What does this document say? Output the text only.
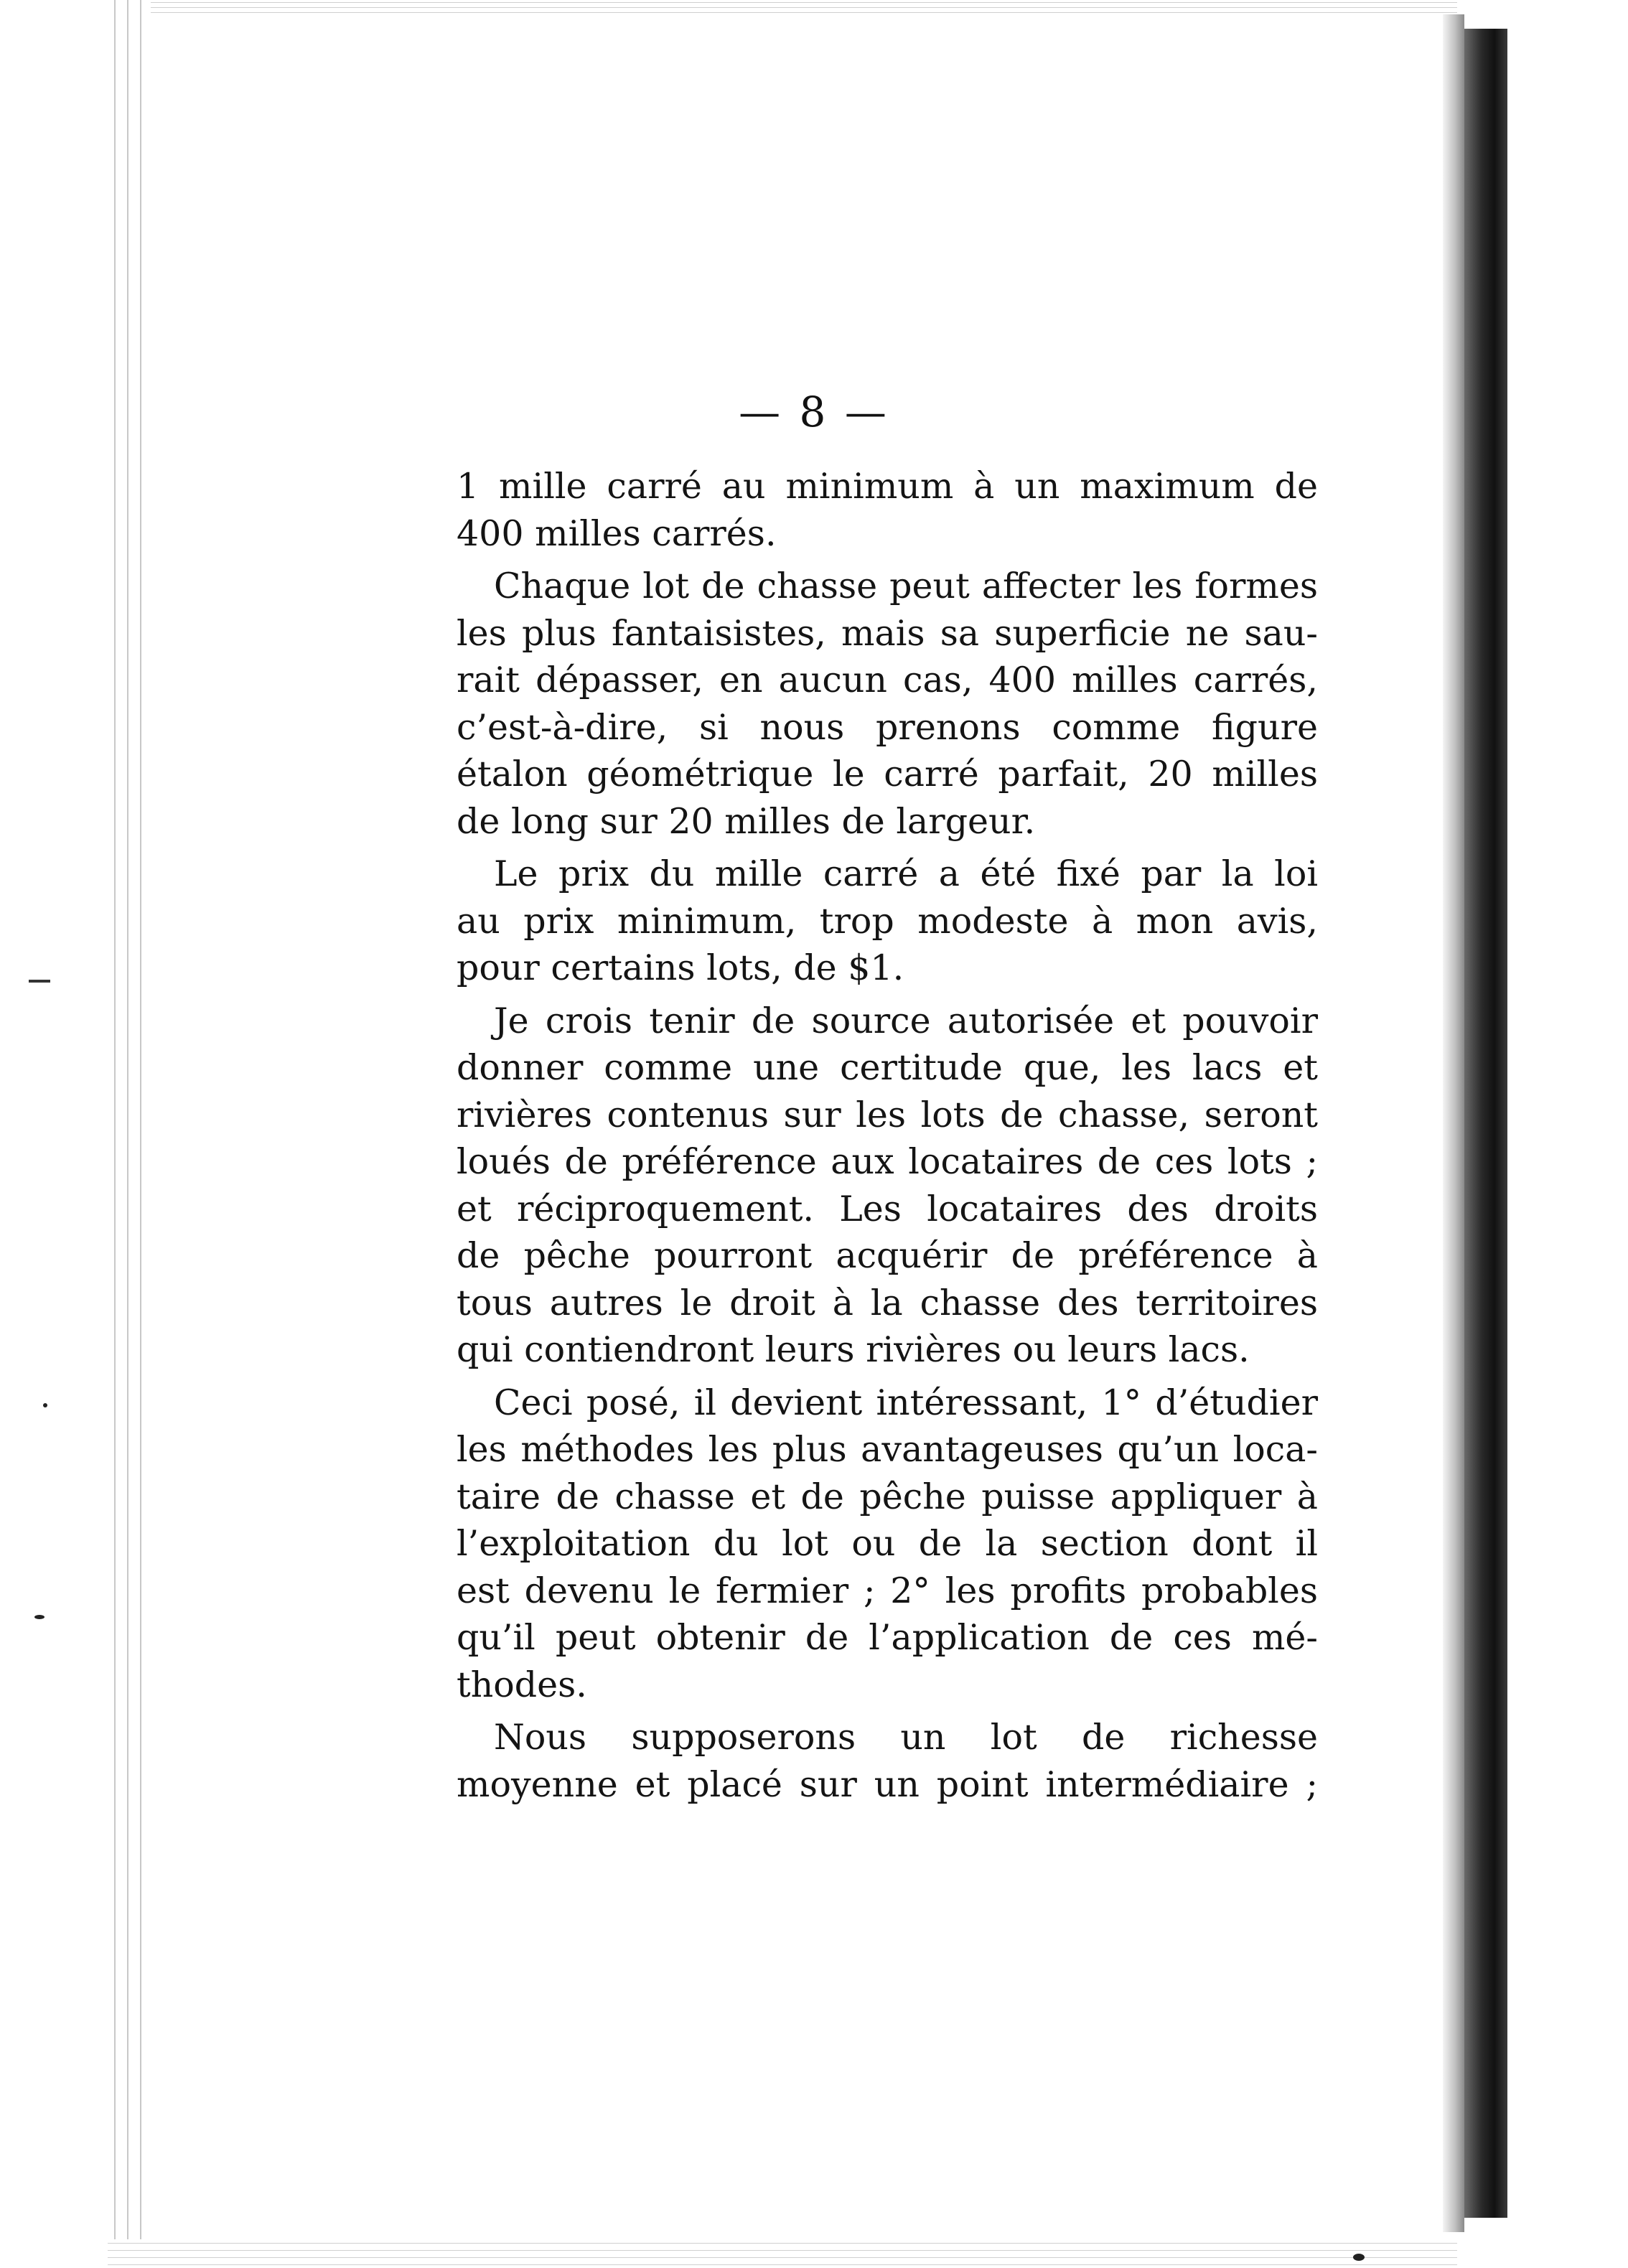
— 8 —
1 mille carré au minimum à un maximum de
400 milles carrés.
Chaque lot de chasse peut affecter les formes
les plus fantaisistes, mais sa superficie ne sau-
rait dépasser, en aucun cas, 400 milles carrés,
c’est-à-dire, si nous prenons comme figure
étalon géométrique le carré parfait, 20 milles
de long sur 20 milles de largeur.
Le prix du mille carré a été fixé par la loi
au prix minimum, trop modeste à mon avis,
pour certains lots, de $1.
Je crois tenir de source autorisée et pouvoir
donner comme une certitude que, les lacs et
rivières contenus sur les lots de chasse, seront
loués de préférence aux locataires de ces lots ;
et réciproquement. Les locataires des droits
de pêche pourront acquérir de préférence à
tous autres le droit à la chasse des territoires
qui contiendront leurs rivières ou leurs lacs.
Ceci posé, il devient intéressant, 1° d’étudier
les méthodes les plus avantageuses qu’un loca-
taire de chasse et de pêche puisse appliquer à
l’exploitation du lot ou de la section dont il
est devenu le fermier ; 2° les profits probables
qu’il peut obtenir de l’application de ces mé-
thodes.
Nous supposerons un lot de richesse
moyenne et placé sur un point intermédiaire ;
